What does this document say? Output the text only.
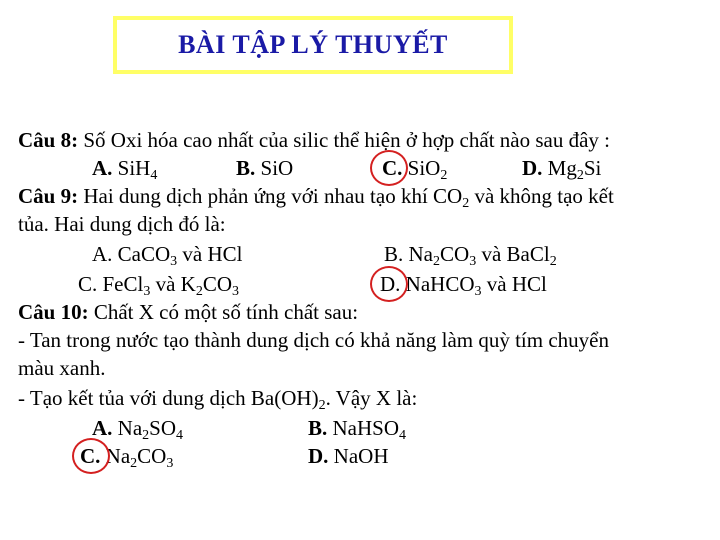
BÀI TẬP LÝ THUYẾT
Câu 8: Số Oxi hóa cao nhất của silic thể hiện ở hợp chất nào sau đây :
A. SiH$_4$	B. SiO	C. SiO$_2$	D. $Mg_2Si$
Câu 9: Hai dung dịch phản ứng với nhau tạo khí $CO_2$ và không tạo kết
tủa. Hai dung dịch đó là:
A. CaCO$_3$ và HCl	B. $Na_2CO_3$ và BaCl$_2$
C. FeCl$_3$ và $K_2CO_3$	D. NaHCO$_3$ và HCl
Câu 10: Chất X có một số tính chất sau:
- Tan trong nước tạo thành dung dịch có khả năng làm quỳ tím chuyển
màu xanh.
- Tạo kết tủa với dung dịch $Ba(OH)_2$. Vậy X là:
A. $Na_2SO_4$	B. NaHSO$_4$
C. $Na_2CO_3$	D. NaOH
